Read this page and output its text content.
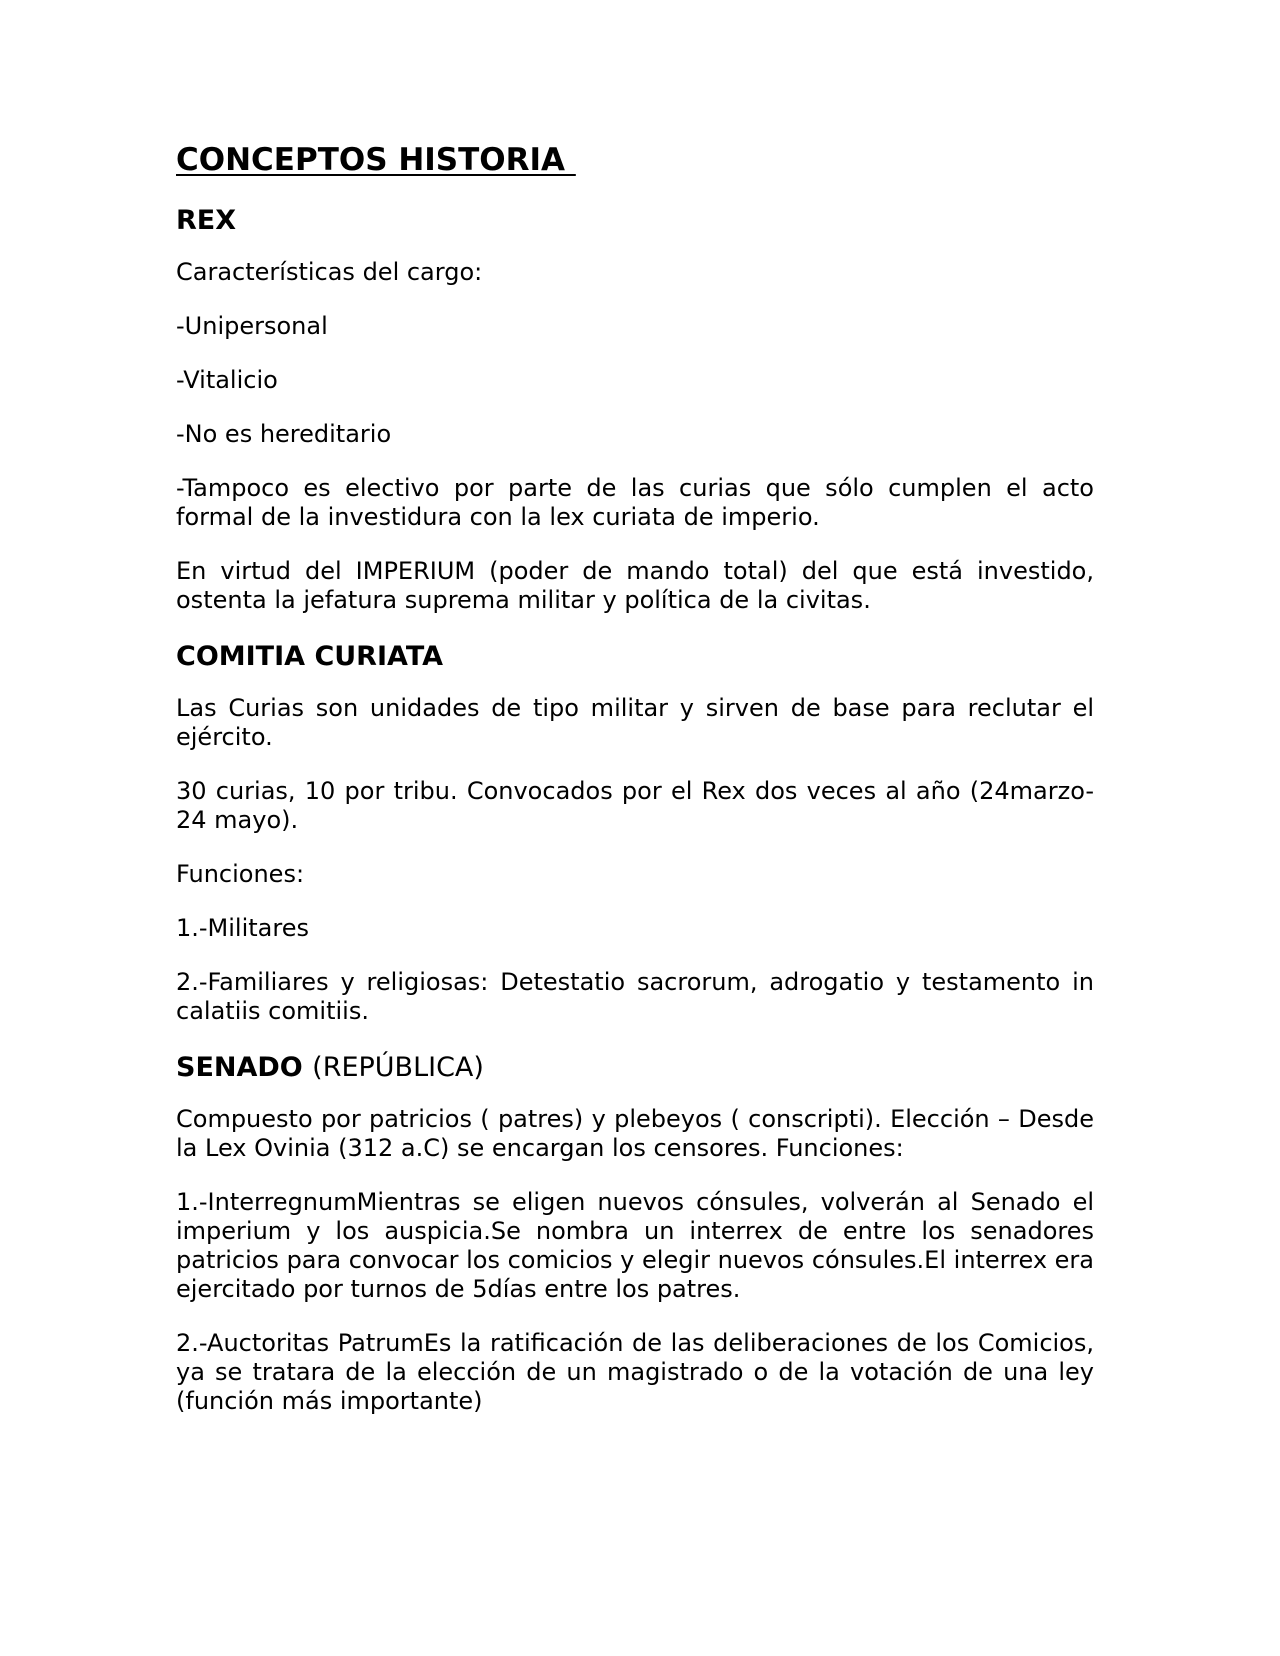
CONCEPTOS HISTORIA
REX

Características del cargo:

-Unipersonal

-Vitalicio

-No es hereditario

-Tampoco es electivo por parte de las curias que sólo cumplen el acto formal de la investidura con la lex curiata de imperio.

En virtud del IMPERIUM (poder de mando total) del que está investido, ostenta la jefatura suprema militar y política de la civitas.

COMITIA CURIATA

Las Curias son unidades de tipo militar y sirven de base para reclutar el ejército.

30 curias, 10 por tribu. Convocados por el Rex dos veces al año (24marzo-24 mayo).

Funciones:

1.-Militares

2.-Familiares y religiosas: Detestatio sacrorum, adrogatio y testamento in calatiis comitiis.

SENADO (REPÚBLICA)

Compuesto por patricios ( patres) y plebeyos ( conscripti). Elección – Desde la Lex Ovinia (312 a.C) se encargan los censores. Funciones:

1.-InterregnumMientras se eligen nuevos cónsules, volverán al Senado el imperium y los auspicia.Se nombra un interrex de entre los senadores patricios para convocar los comicios y elegir nuevos cónsules.El interrex era ejercitado por turnos de 5días entre los patres.

2.-Auctoritas PatrumEs la ratificación de las deliberaciones de los Comicios, ya se tratara de la elección de un magistrado o de la votación de una ley (función más importante)
